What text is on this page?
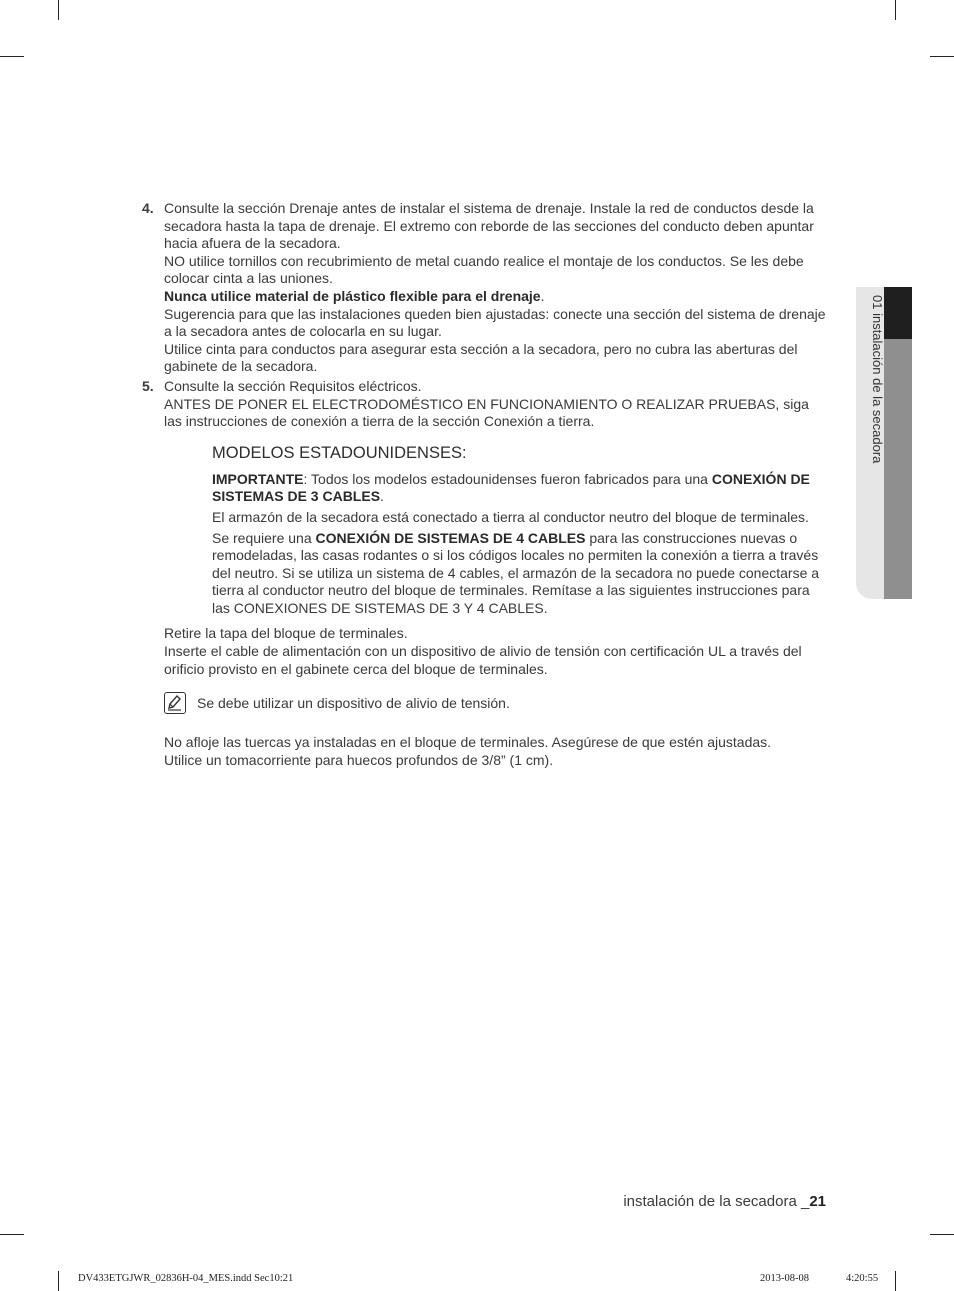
4. Consulte la sección Drenaje antes de instalar el sistema de drenaje. Instale la red de conductos desde la secadora hasta la tapa de drenaje. El extremo con reborde de las secciones del conducto deben apuntar hacia afuera de la secadora.

NO utilice tornillos con recubrimiento de metal cuando realice el montaje de los conductos. Se les debe colocar cinta a las uniones.

Nunca utilice material de plástico flexible para el drenaje.

Sugerencia para que las instalaciones queden bien ajustadas: conecte una sección del sistema de drenaje a la secadora antes de colocarla en su lugar.

Utilice cinta para conductos para asegurar esta sección a la secadora, pero no cubra las aberturas del gabinete de la secadora.

5. Consulte la sección Requisitos eléctricos.

ANTES DE PONER EL ELECTRODOMÉSTICO EN FUNCIONAMIENTO O REALIZAR PRUEBAS, siga las instrucciones de conexión a tierra de la sección Conexión a tierra.

MODELOS ESTADOUNIDENSES:

IMPORTANTE: Todos los modelos estadounidenses fueron fabricados para una CONEXIÓN DE SISTEMAS DE 3 CABLES.

El armazón de la secadora está conectado a tierra al conductor neutro del bloque de terminales.

Se requiere una CONEXIÓN DE SISTEMAS DE 4 CABLES para las construcciones nuevas o remodeladas, las casas rodantes o si los códigos locales no permiten la conexión a tierra a través del neutro. Si se utiliza un sistema de 4 cables, el armazón de la secadora no puede conectarse a tierra al conductor neutro del bloque de terminales. Remítase a las siguientes instrucciones para las CONEXIONES DE SISTEMAS DE 3 Y 4 CABLES.

Retire la tapa del bloque de terminales.

Inserte el cable de alimentación con un dispositivo de alivio de tensión con certificación UL a través del orificio provisto en el gabinete cerca del bloque de terminales.

Se debe utilizar un dispositivo de alivio de tensión.

No afloje las tuercas ya instaladas en el bloque de terminales. Asegúrese de que estén ajustadas.

Utilice un tomacorriente para huecos profundos de 3/8” (1 cm).

01 instalación de la secadora
instalación de la secadora _21
DV433ETGJWR_02836H-04_MES.indd Sec10:21	2013-08-08	4:20:55
